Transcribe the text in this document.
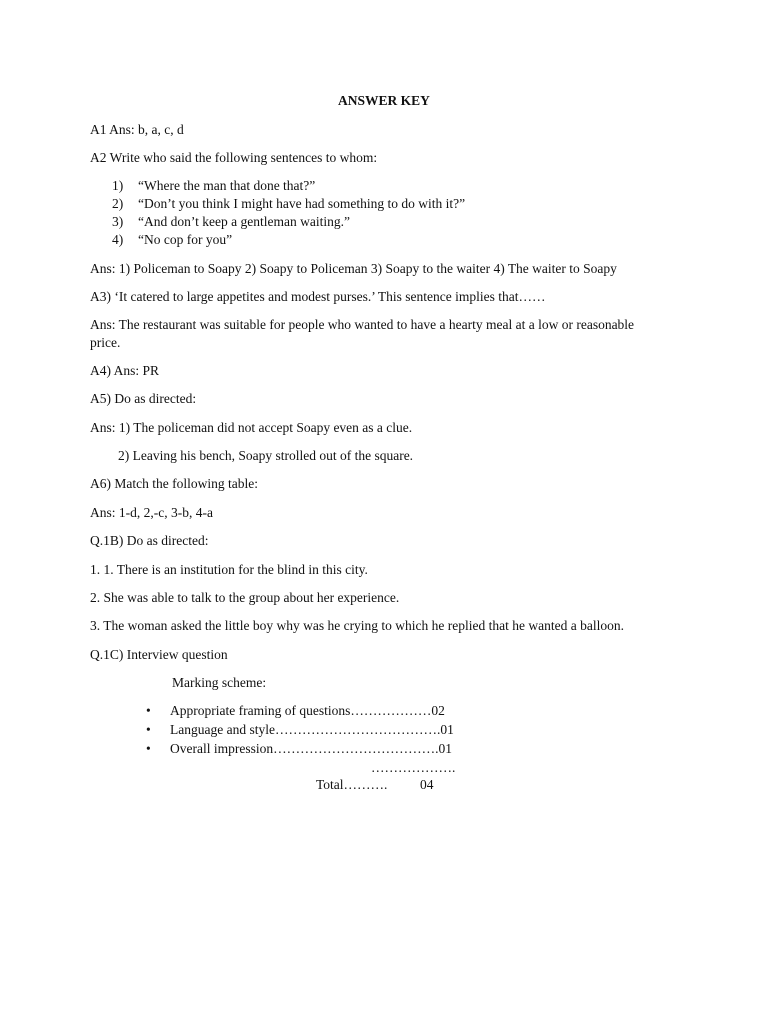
ANSWER KEY
A1 Ans: b, a, c, d
A2 Write who said the following sentences to whom:
1) “Where the man that done that?”
2) “Don’t you think I might have had something to do with it?”
3) “And don’t keep a gentleman waiting.”
4) “No cop for you”
Ans: 1) Policeman to Soapy 2) Soapy to Policeman 3) Soapy to the waiter 4) The waiter to Soapy
A3) ‘It catered to large appetites and modest purses.’ This sentence implies that……
Ans: The restaurant was suitable for people who wanted to have a hearty meal at a low or reasonable
price.
A4) Ans: PR
A5) Do as directed:
Ans: 1) The policeman did not accept Soapy even as a clue.
2) Leaving his bench, Soapy strolled out of the square.
A6) Match the following table:
Ans: 1-d, 2,-c, 3-b, 4-a
Q.1B) Do as directed:
1. 1. There is an institution for the blind in this city.
2. She was able to talk to the group about her experience.
3. The woman asked the little boy why was he crying to which he replied that he wanted a balloon.
Q.1C) Interview question
Marking scheme:
• Appropriate framing of questions………………02
• Language and style……………………………….01
• Overall impression……………………………….01
……………….
Total………. 04
